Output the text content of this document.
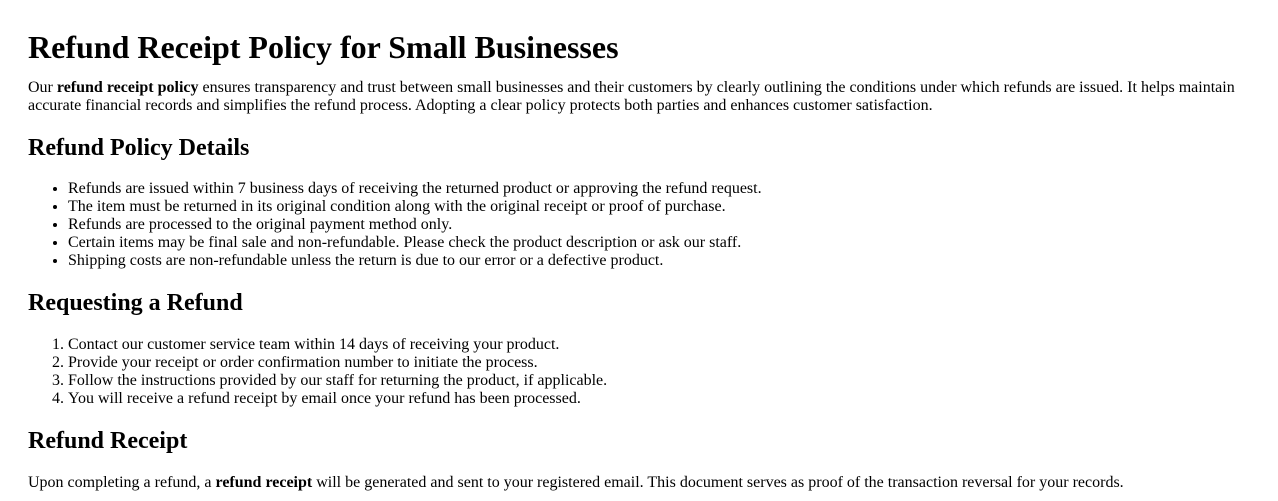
Refund Receipt Policy for Small Businesses

Our refund receipt policy ensures transparency and trust between small businesses and their customers by clearly outlining the conditions under which refunds are issued. It helps maintain accurate financial records and simplifies the refund process. Adopting a clear policy protects both parties and enhances customer satisfaction.

Refund Policy Details
• Refunds are issued within 7 business days of receiving the returned product or approving the refund request.
• The item must be returned in its original condition along with the original receipt or proof of purchase.
• Refunds are processed to the original payment method only.
• Certain items may be final sale and non-refundable. Please check the product description or ask our staff.
• Shipping costs are non-refundable unless the return is due to our error or a defective product.
Requesting a Refund
1. Contact our customer service team within 14 days of receiving your product.
2. Provide your receipt or order confirmation number to initiate the process.
3. Follow the instructions provided by our staff for returning the product, if applicable.
4. You will receive a refund receipt by email once your refund has been processed.
Refund Receipt

Upon completing a refund, a refund receipt will be generated and sent to your registered email. This document serves as proof of the transaction reversal for your records.
